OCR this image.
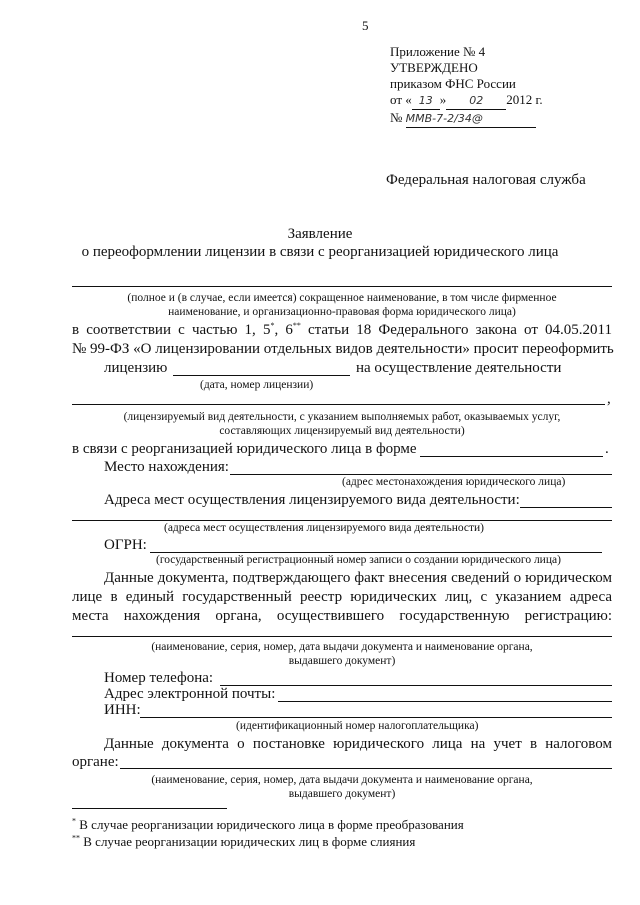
5
Приложение № 4
УТВЕРЖДЕНО
приказом ФНС России
от « 13 » 02 2012 г.
№ ММВ-7-2/34@
Федеральная налоговая служба
Заявление
о переоформлении лицензии в связи с реорганизацией юридического лица
(полное и (в случае, если имеется) сокращенное наименование, в том числе фирменное
наименование, и организационно-правовая форма юридического лица)
в соответствии с частью 1, 5*, 6** статьи 18 Федерального закона от 04.05.2011
№ 99-ФЗ «О лицензировании отдельных видов деятельности» просит переоформить
лицензию	на осуществление деятельности
(дата, номер лицензии)
,
(лицензируемый вид деятельности, с указанием выполняемых работ, оказываемых услуг,
составляющих лицензируемый вид деятельности)
в связи с реорганизацией юридического лица в форме	.
Место нахождения:
(адрес местонахождения юридического лица)
Адреса мест осуществления лицензируемого вида деятельности:
(адреса мест осуществления лицензируемого вида деятельности)
ОГРН:
(государственный регистрационный номер записи о создании юридического лица)
Данные документа, подтверждающего факт внесения сведений о юридическом
лице в единый государственный реестр юридических лиц, с указанием адреса
места нахождения органа, осуществившего государственную регистрацию:
(наименование, серия, номер, дата выдачи документа и наименование органа,
выдавшего документ)
Номер телефона:
Адрес электронной почты:
ИНН:
(идентификационный номер налогоплательщика)
Данные документа о постановке юридического лица на учет в налоговом
органе:
(наименование, серия, номер, дата выдачи документа и наименование органа,
выдавшего документ)
* В случае реорганизации юридического лица в форме преобразования
** В случае реорганизации юридических лиц в форме слияния
